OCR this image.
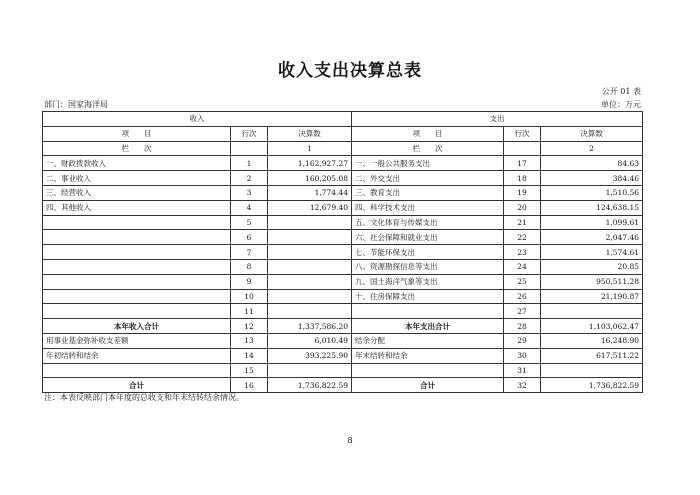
收入支出决算总表
公开 01 表
部门：国家海洋局	单位：万元
收入			支出		
项　　目	行次	决算数	项　　目	行次	决算数
栏　　次		1	栏　　次		2
一、财政拨款收入	1	1,162,927.27	一、一般公共服务支出	17	84.63
二、事业收入	2	160,205.08	二、外交支出	18	384.46
三、经营收入	3	1,774.44	三、教育支出	19	1,510.56
四、其他收入	4	12,679.40	四、科学技术支出	20	124,638.15
	5		五、文化体育与传媒支出	21	1,099.61
	6		六、社会保障和就业支出	22	2,047.46
	7		七、节能环保支出	23	1,574.61
	8		八、资源勘探信息等支出	24	20.85
	9		九、国土海洋气象等支出	25	950,511.28
	10		十、住房保障支出	26	21,190.87
	11			27	
本年收入合计	12	1,337,586.20	本年支出合计	28	1,103,062.47
用事业基金弥补收支差额	13	6,010.49	结余分配	29	16,248.90
年初结转和结余	14	393,225.90	年末结转和结余	30	617,511.22
	15			31	
合计	16	1,736,822.59	合计	32	1,736,822.59
注：本表反映部门本年度的总收支和年末结转结余情况。
8
